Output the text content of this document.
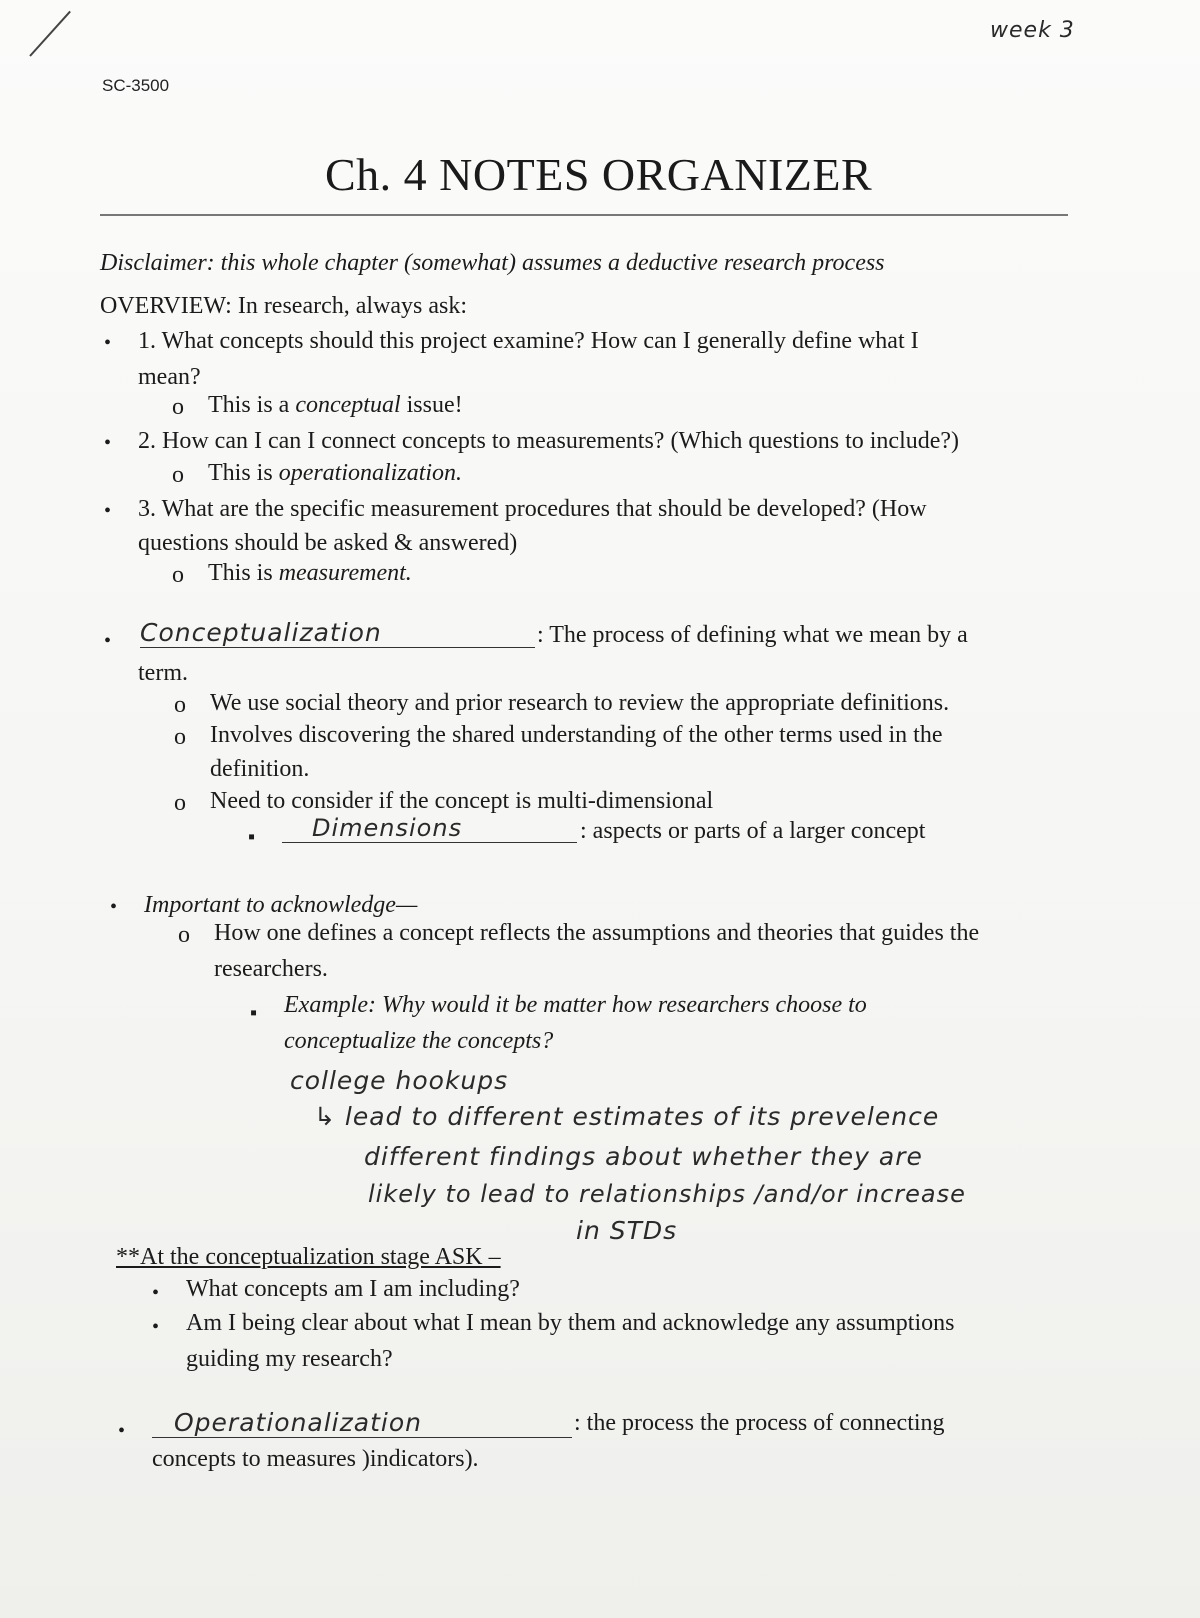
week 3
SC-3500
Ch. 4 NOTES ORGANIZER
Disclaimer: this whole chapter (somewhat) assumes a deductive research process
OVERVIEW: In research, always ask:
• 1. What concepts should this project examine? How can I generally define what I
mean?
o This is a conceptual issue!
• 2. How can I can I connect concepts to measurements? (Which questions to include?)
o This is operationalization.
• 3. What are the specific measurement procedures that should be developed? (How
questions should be asked & answered)
o This is measurement.
• Conceptualization	: The process of defining what we mean by a
term.
o We use social theory and prior research to review the appropriate definitions.
o Involves discovering the shared understanding of the other terms used in the
definition.
o Need to consider if the concept is multi-dimensional
▪	Dimensions	: aspects or parts of a larger concept
• Important to acknowledge—
o How one defines a concept reflects the assumptions and theories that guides the
researchers.
▪ Example: Why would it be matter how researchers choose to
conceptualize the concepts?
college hookups
↳ lead to different estimates of its prevelence
different findings about whether they are
likely to lead to relationships /and/or increase
in STDs
**At the conceptualization stage ASK –
• What concepts am I am including?
• Am I being clear about what I mean by them and acknowledge any assumptions
guiding my research?
•	Operationalization	: the process the process of connecting
concepts to measures )indicators).
